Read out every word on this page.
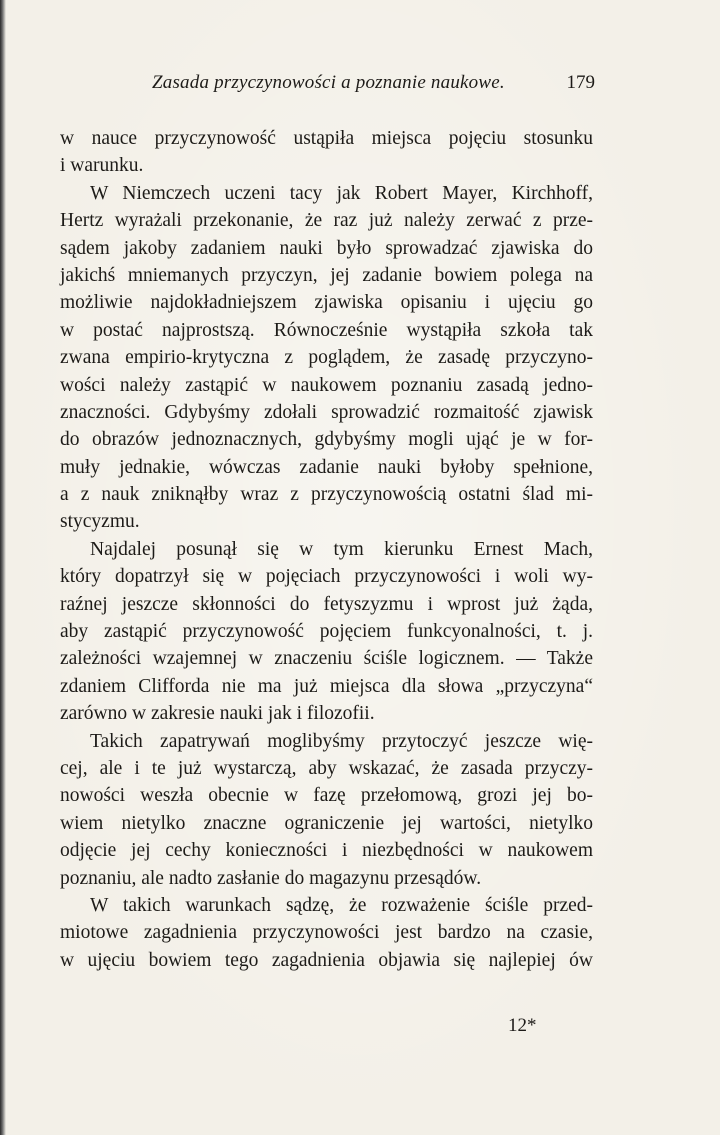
Zasada przyczynowości a poznanie naukowe.	179
w nauce przyczynowość ustąpiła miejsca pojęciu stosunku
i warunku.
W Niemczech uczeni tacy jak Robert Mayer, Kirchhoff,
Hertz wyrażali przekonanie, że raz już należy zerwać z prze-
sądem jakoby zadaniem nauki było sprowadzać zjawiska do
jakichś mniemanych przyczyn, jej zadanie bowiem polega na
możliwie najdokładniejszem zjawiska opisaniu i ujęciu go
w postać najprostszą. Równocześnie wystąpiła szkoła tak
zwana empirio-krytyczna z poglądem, że zasadę przyczyno-
wości należy zastąpić w naukowem poznaniu zasadą jedno-
znaczności. Gdybyśmy zdołali sprowadzić rozmaitość zjawisk
do obrazów jednoznacznych, gdybyśmy mogli ująć je w for-
muły jednakie, wówczas zadanie nauki byłoby spełnione,
a z nauk zniknąłby wraz z przyczynowością ostatni ślad mi-
stycyzmu.
Najdalej posunął się w tym kierunku Ernest Mach,
który dopatrzył się w pojęciach przyczynowości i woli wy-
raźnej jeszcze skłonności do fetyszyzmu i wprost już żąda,
aby zastąpić przyczynowość pojęciem funkcyonalności, t. j.
zależności wzajemnej w znaczeniu ściśle logicznem. — Także
zdaniem Clifforda nie ma już miejsca dla słowa „przyczyna“
zarówno w zakresie nauki jak i filozofii.
Takich zapatrywań moglibyśmy przytoczyć jeszcze wię-
cej, ale i te już wystarczą, aby wskazać, że zasada przyczy-
nowości weszła obecnie w fazę przełomową, grozi jej bo-
wiem nietylko znaczne ograniczenie jej wartości, nietylko
odjęcie jej cechy konieczności i niezbędności w naukowem
poznaniu, ale nadto zasłanie do magazynu przesądów.
W takich warunkach sądzę, że rozważenie ściśle przed-
miotowe zagadnienia przyczynowości jest bardzo na czasie,
w ujęciu bowiem tego zagadnienia objawia się najlepiej ów
12*
